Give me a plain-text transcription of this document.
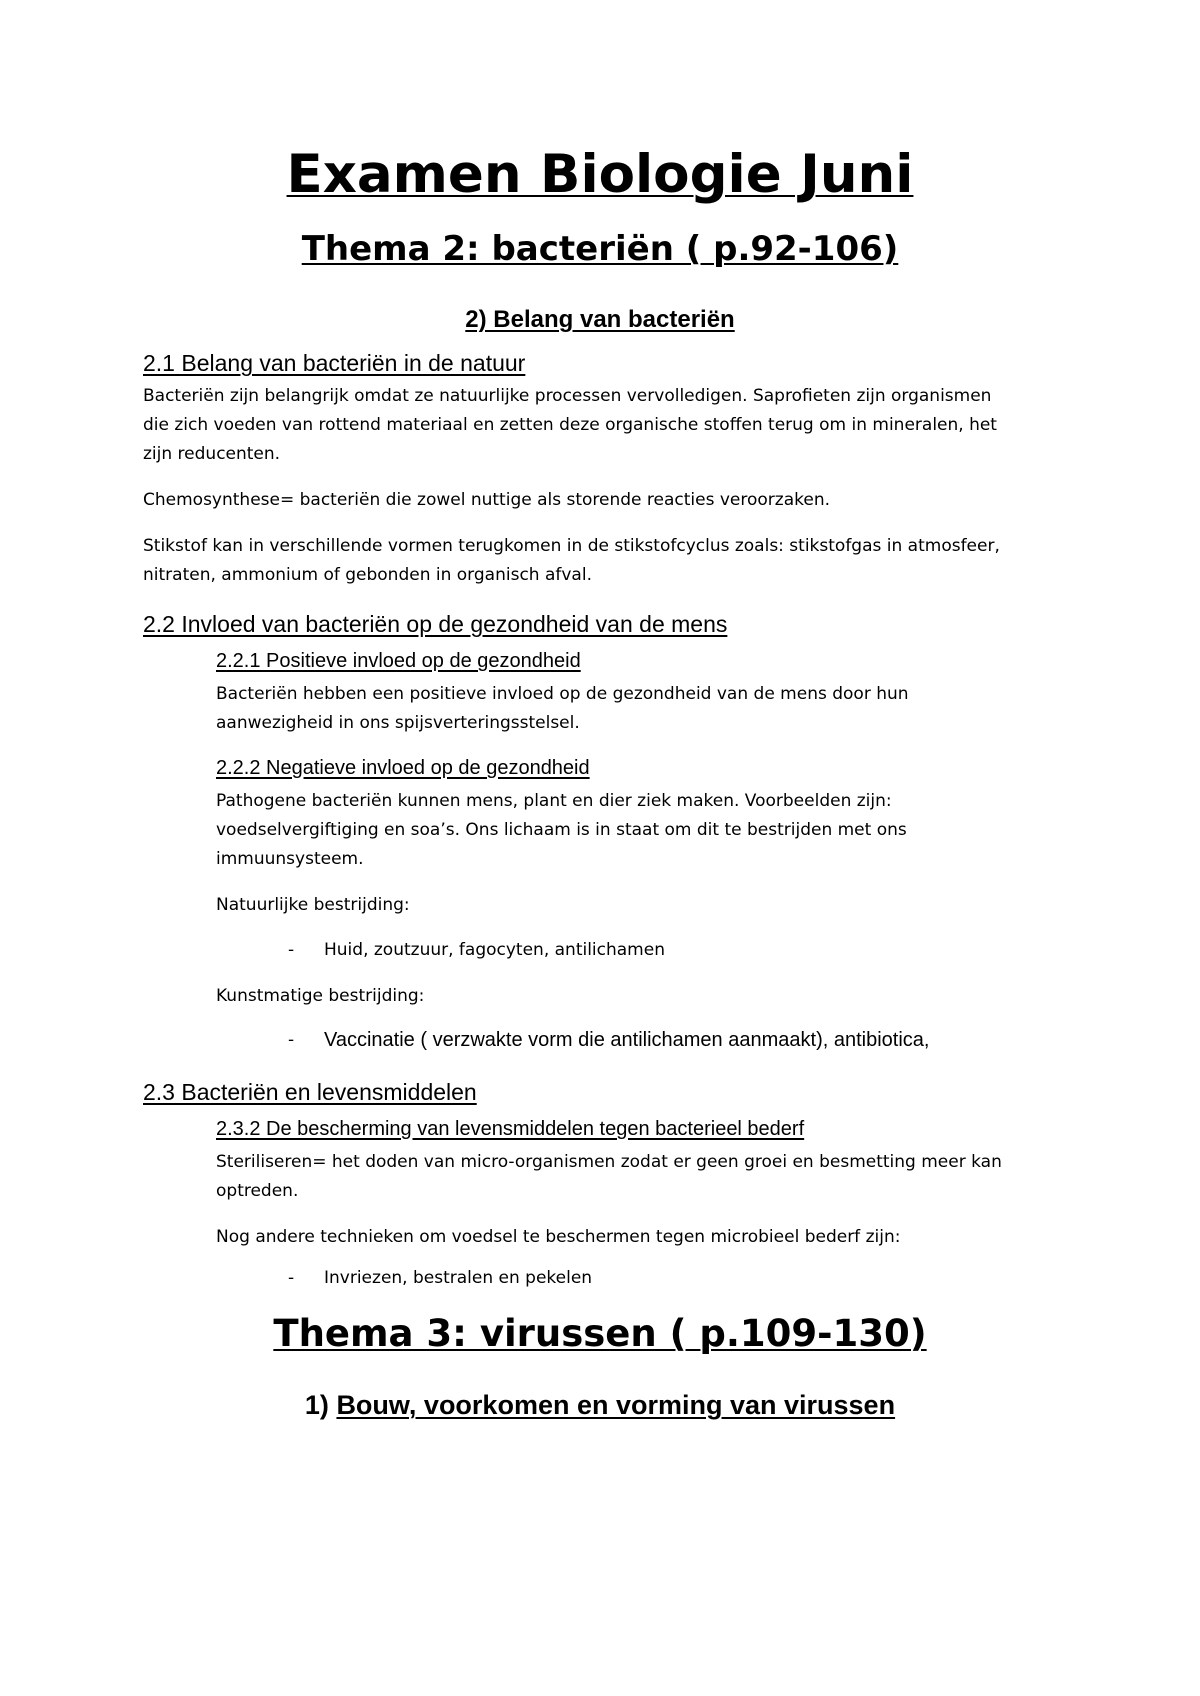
Examen Biologie Juni
Thema 2: bacteriën ( p.92-106)
2) Belang van bacteriën
2.1 Belang van bacteriën in de natuur
Bacteriën zijn belangrijk omdat ze natuurlijke processen vervolledigen. Saprofieten zijn organismen
die zich voeden van rottend materiaal en zetten deze organische stoffen terug om in mineralen, het
zijn reducenten.
Chemosynthese= bacteriën die zowel nuttige als storende reacties veroorzaken.
Stikstof kan in verschillende vormen terugkomen in de stikstofcyclus zoals: stikstofgas in atmosfeer,
nitraten, ammonium of gebonden in organisch afval.
2.2 Invloed van bacteriën op de gezondheid van de mens
2.2.1 Positieve invloed op de gezondheid
Bacteriën hebben een positieve invloed op de gezondheid van de mens door hun
aanwezigheid in ons spijsverteringsstelsel.
2.2.2 Negatieve invloed op de gezondheid
Pathogene bacteriën kunnen mens, plant en dier ziek maken. Voorbeelden zijn:
voedselvergiftiging en soa’s. Ons lichaam is in staat om dit te bestrijden met ons
immuunsysteem.
Natuurlijke bestrijding:
- Huid, zoutzuur, fagocyten, antilichamen
Kunstmatige bestrijding:
- Vaccinatie ( verzwakte vorm die antilichamen aanmaakt), antibiotica,
2.3 Bacteriën en levensmiddelen
2.3.2 De bescherming van levensmiddelen tegen bacterieel bederf
Steriliseren= het doden van micro-organismen zodat er geen groei en besmetting meer kan
optreden.
Nog andere technieken om voedsel te beschermen tegen microbieel bederf zijn:
- Invriezen, bestralen en pekelen
Thema 3: virussen ( p.109-130)
1) Bouw, voorkomen en vorming van virussen
